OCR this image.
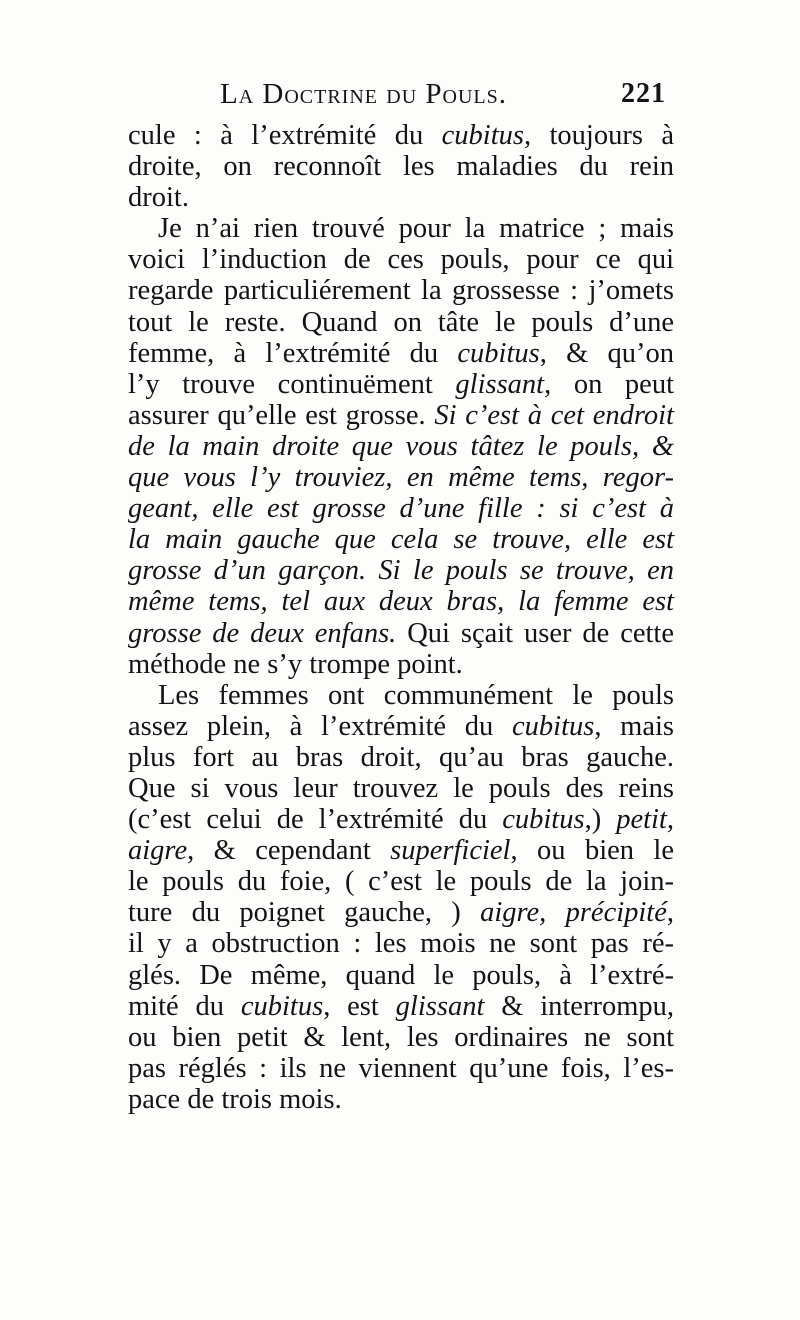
La Doctrine du Pouls.	221
cule : à l’extrémité du cubitus, toujours à
droite, on reconnoît les maladies du rein
droit.
Je n’ai rien trouvé pour la matrice ; mais
voici l’induction de ces pouls, pour ce qui
regarde particuliérement la grossesse : j’omets
tout le reste. Quand on tâte le pouls d’une
femme, à l’extrémité du cubitus, & qu’on
l’y trouve continuëment glissant, on peut
assurer qu’elle est grosse. Si c’est à cet endroit
de la main droite que vous tâtez le pouls, &
que vous l’y trouviez, en même tems, regor-
geant, elle est grosse d’une fille : si c’est à
la main gauche que cela se trouve, elle est
grosse d’un garçon. Si le pouls se trouve, en
même tems, tel aux deux bras, la femme est
grosse de deux enfans. Qui sçait user de cette
méthode ne s’y trompe point.
Les femmes ont communément le pouls
assez plein, à l’extrémité du cubitus, mais
plus fort au bras droit, qu’au bras gauche.
Que si vous leur trouvez le pouls des reins
(c’est celui de l’extrémité du cubitus,) petit,
aigre, & cependant superficiel, ou bien le
le pouls du foie, ( c’est le pouls de la join-
ture du poignet gauche, ) aigre, précipité,
il y a obstruction : les mois ne sont pas ré-
glés. De même, quand le pouls, à l’extré-
mité du cubitus, est glissant & interrompu,
ou bien petit & lent, les ordinaires ne sont
pas réglés : ils ne viennent qu’une fois, l’es-
pace de trois mois.
